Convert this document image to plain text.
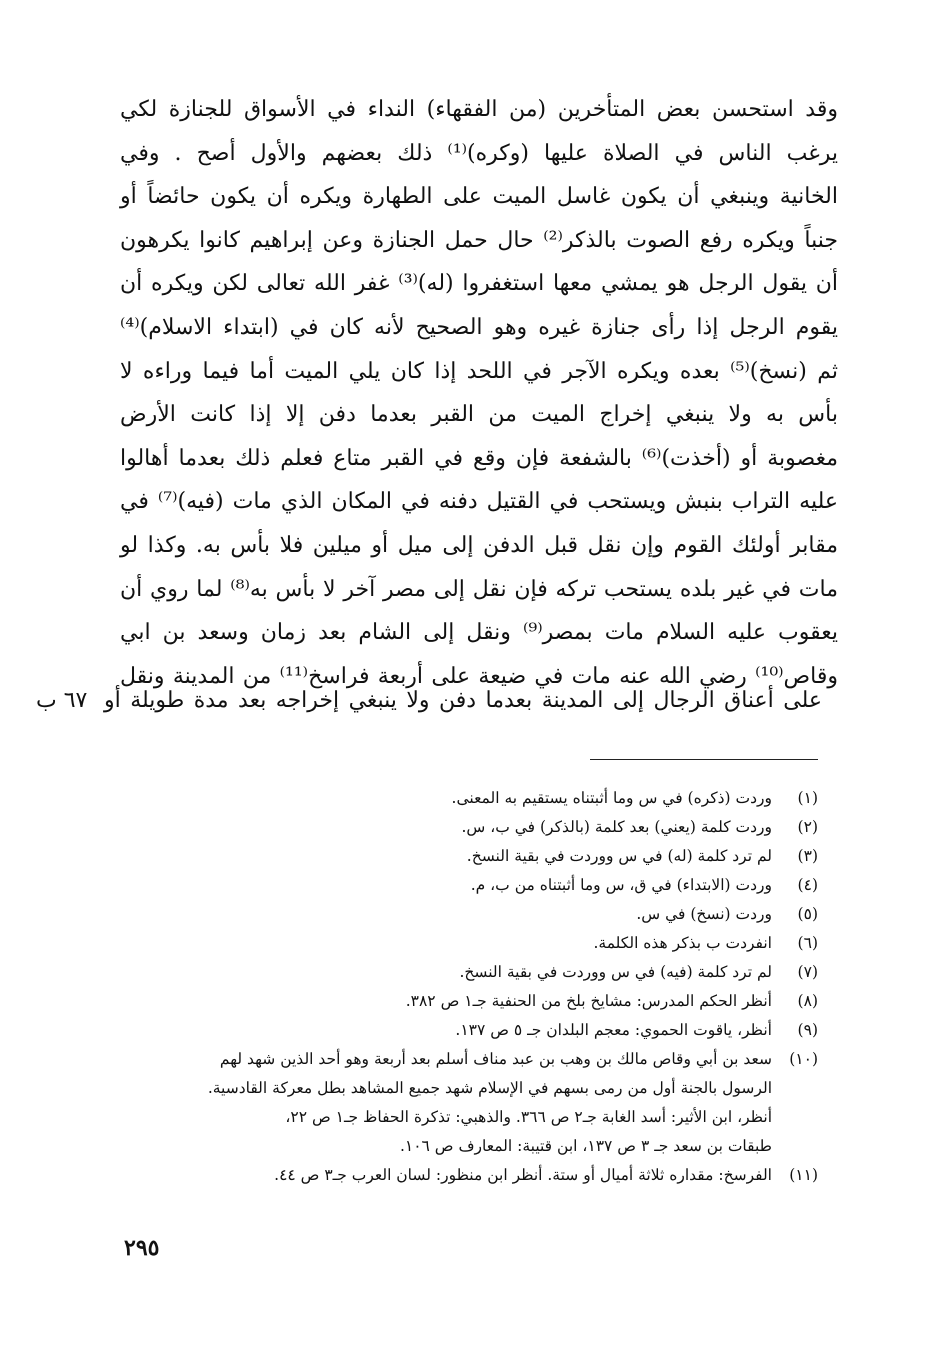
وقد استحسن بعض المتأخرين (من الفقهاء) النداء في الأسواق للجنازة لكي
يرغب الناس في الصلاة عليها (وكره)⁽¹⁾ ذلك بعضهم والأول أصح . وفي
الخانية وينبغي أن يكون غاسل الميت على الطهارة ويكره أن يكون حائضاً أو
جنباً ويكره رفع الصوت بالذكر⁽²⁾ حال حمل الجنازة وعن إبراهيم كانوا يكرهون
أن يقول الرجل هو يمشي معها استغفروا (له)⁽³⁾ غفر الله تعالى لكن ويكره أن
يقوم الرجل إذا رأى جنازة غيره وهو الصحيح لأنه كان في (ابتداء الاسلام)⁽⁴⁾
ثم (نسخ)⁽⁵⁾ بعده ويكره الآجر في اللحد إذا كان يلي الميت أما فيما وراءه لا
بأس به ولا ينبغي إخراج الميت من القبر بعدما دفن إلا إذا كانت الأرض
مغصوبة أو (أخذت)⁽⁶⁾ بالشفعة فإن وقع في القبر متاع فعلم ذلك بعدما أهالوا
عليه التراب بنبش ويستحب في القتيل دفنه في المكان الذي مات (فيه)⁽⁷⁾ في
مقابر أولئك القوم وإن نقل قبل الدفن إلى ميل أو ميلين فلا بأس به. وكذا لو
مات في غير بلده يستحب تركه فإن نقل إلى مصر آخر لا بأس به⁽⁸⁾ لما روي أن
يعقوب عليه السلام مات بمصر⁽⁹⁾ ونقل إلى الشام بعد زمان وسعد بن ابي
وقاص⁽¹⁰⁾ رضي الله عنه مات في ضيعة على أربعة فراسخ⁽¹¹⁾ من المدينة ونقل
على أعناق الرجال إلى المدينة بعدما دفن ولا ينبغي إخراجه بعد مدة طويلة أو
٦٧ ب
(١)
وردت (ذكره) في س وما أثبتناه يستقيم به المعنى.
(٢)
وردت كلمة (يعني) بعد كلمة (بالذكر) في ب، س.
(٣)
لم ترد كلمة (له) في س ووردت في بقية النسخ.
(٤)
وردت (الابتداء) في ق، س وما أثبتناه من ب، م.
(٥)
وردت (نسخ) في س.
(٦)
انفردت ب بذكر هذه الكلمة.
(٧)
لم ترد كلمة (فيه) في س ووردت في بقية النسخ.
(٨)
أنظر الحكم المدرس: مشايخ بلخ من الحنفية جـ١ ص ٣٨٢.
(٩)
أنظر، ياقوت الحموي: معجم البلدان جـ ٥ ص ١٣٧.
(١٠)
سعد بن أبي وقاص مالك بن وهب بن عبد مناف أسلم بعد أربعة وهو أحد الذين شهد لهم
الرسول بالجنة أول من رمى بسهم في الإسلام شهد جميع المشاهد بطل معركة القادسية.
أنظر، ابن الأثير: أسد الغابة جـ٢ ص ٣٦٦. والذهبي: تذكرة الحفاظ جـ١ ص ٢٢،
طبقات بن سعد جـ ٣ ص ١٣٧، ابن قتيبة: المعارف ص ١٠٦.
(١١)
الفرسخ: مقداره ثلاثة أميال أو ستة. أنظر ابن منظور: لسان العرب جـ٣ ص ٤٤.
٢٩٥
